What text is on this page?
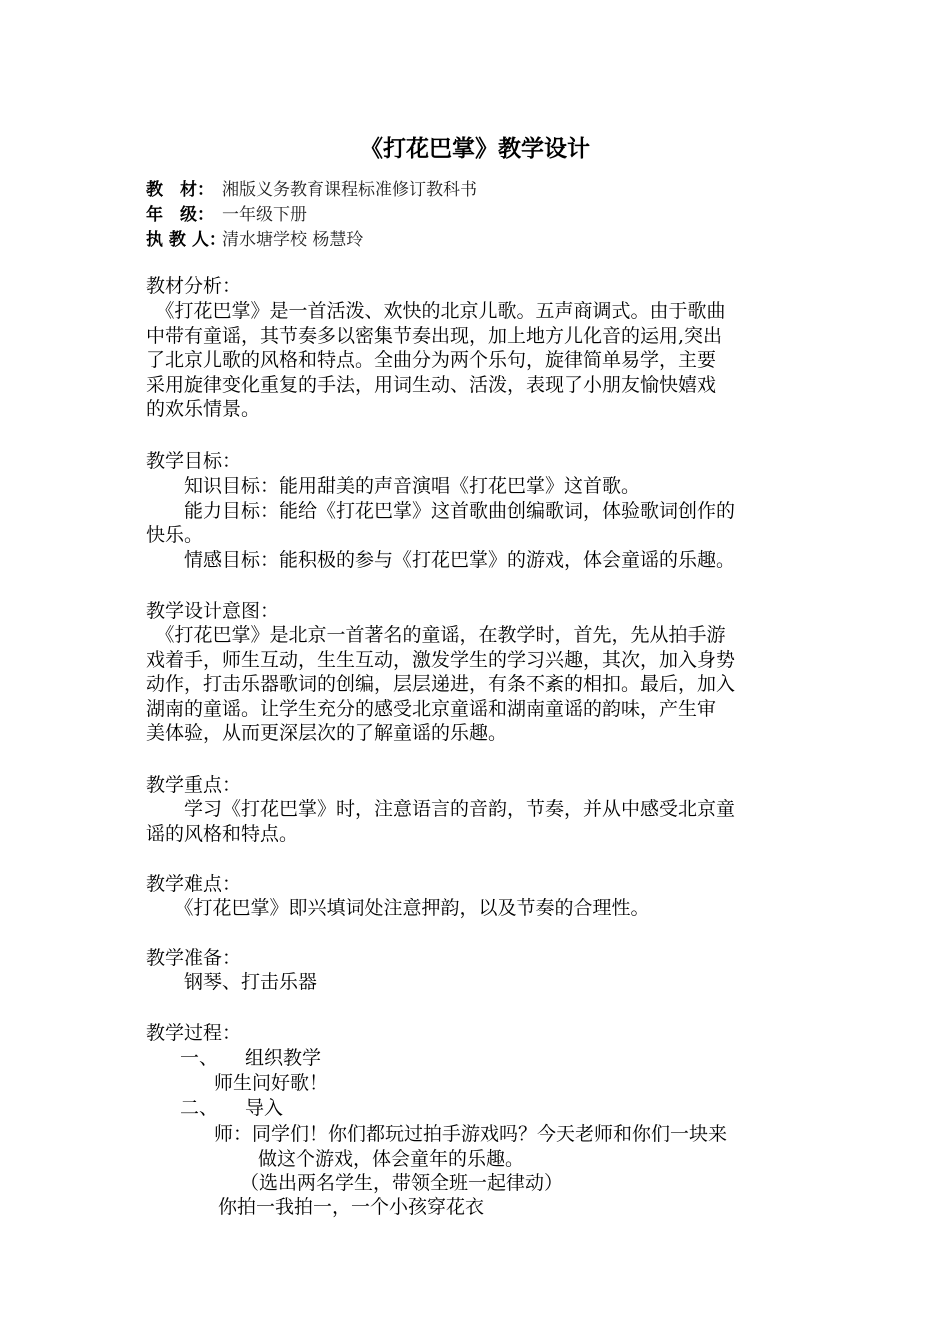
《打花巴掌》教学设计
教　材： 湘版义务教育课程标准修订教科书
年　级： 一年级下册
执 教 人：清水塘学校 杨慧玲
教材分析：
　《打花巴掌》是一首活泼、欢快的北京儿歌。五声商调式。由于歌曲
中带有童谣，其节奏多以密集节奏出现，加上地方儿化音的运用,突出
了北京儿歌的风格和特点。全曲分为两个乐句，旋律简单易学，主要
采用旋律变化重复的手法，用词生动、活泼，表现了小朋友愉快嬉戏
的欢乐情景。
教学目标：
　　知识目标：能用甜美的声音演唱《打花巴掌》这首歌。
　　能力目标：能给《打花巴掌》这首歌曲创编歌词，体验歌词创作的
快乐。
　　情感目标：能积极的参与《打花巴掌》的游戏，体会童谣的乐趣。
教学设计意图：
　《打花巴掌》是北京一首著名的童谣，在教学时，首先，先从拍手游
戏着手，师生互动，生生互动，激发学生的学习兴趣，其次，加入身势
动作，打击乐器歌词的创编，层层递进，有条不紊的相扣。最后，加入
湖南的童谣。让学生充分的感受北京童谣和湖南童谣的韵味，产生审
美体验，从而更深层次的了解童谣的乐趣。
教学重点：
　　学习《打花巴掌》时，注意语言的音韵，节奏，并从中感受北京童
谣的风格和特点。
教学难点：
　　《打花巴掌》即兴填词处注意押韵，以及节奏的合理性。
教学准备：
　　钢琴、打击乐器
教学过程：
一、 组织教学
师生问好歌！
二、 导入
师：同学们！你们都玩过拍手游戏吗？今天老师和你们一块来
做这个游戏，体会童年的乐趣。
（选出两名学生，带领全班一起律动）
你拍一我拍一，一个小孩穿花衣
